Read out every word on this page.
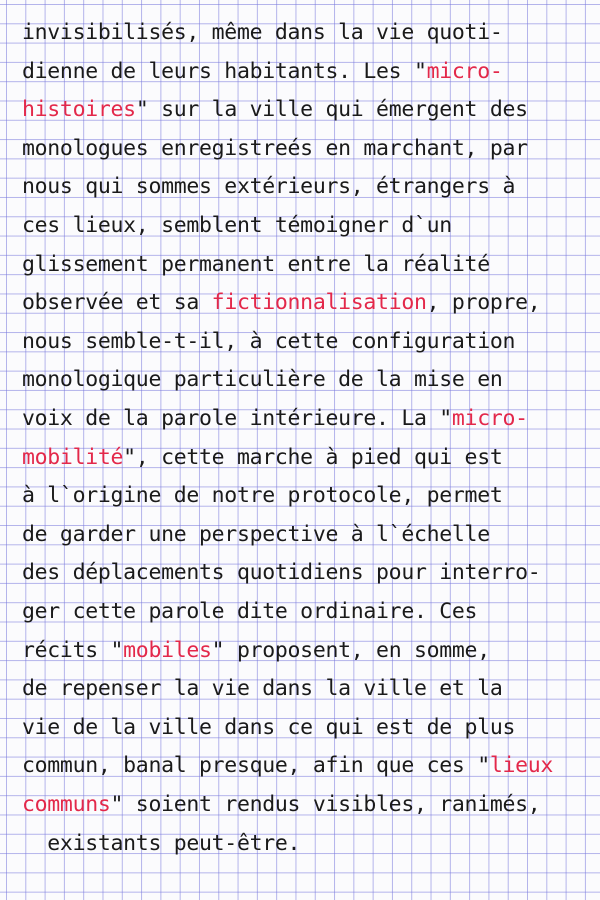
invisibilisés, même dans la vie quoti-
dienne de leurs habitants. Les "micro-
histoires" sur la ville qui émergent des
monologues enregistreés en marchant, par
nous qui sommes extérieurs, étrangers à
ces lieux, semblent témoigner d`un
glissement permanent entre la réalité
observée et sa fictionnalisation, propre,
nous semble-t-il, à cette configuration
monologique particulière de la mise en
voix de la parole intérieure. La "micro-
mobilité", cette marche à pied qui est
à l`origine de notre protocole, permet
de garder une perspective à l`échelle
des déplacements quotidiens pour interro-
ger cette parole dite ordinaire. Ces
récits "mobiles" proposent, en somme,
de repenser la vie dans la ville et la
vie de la ville dans ce qui est de plus
commun, banal presque, afin que ces "lieux
communs" soient rendus visibles, ranimés,
existants peut-être.
